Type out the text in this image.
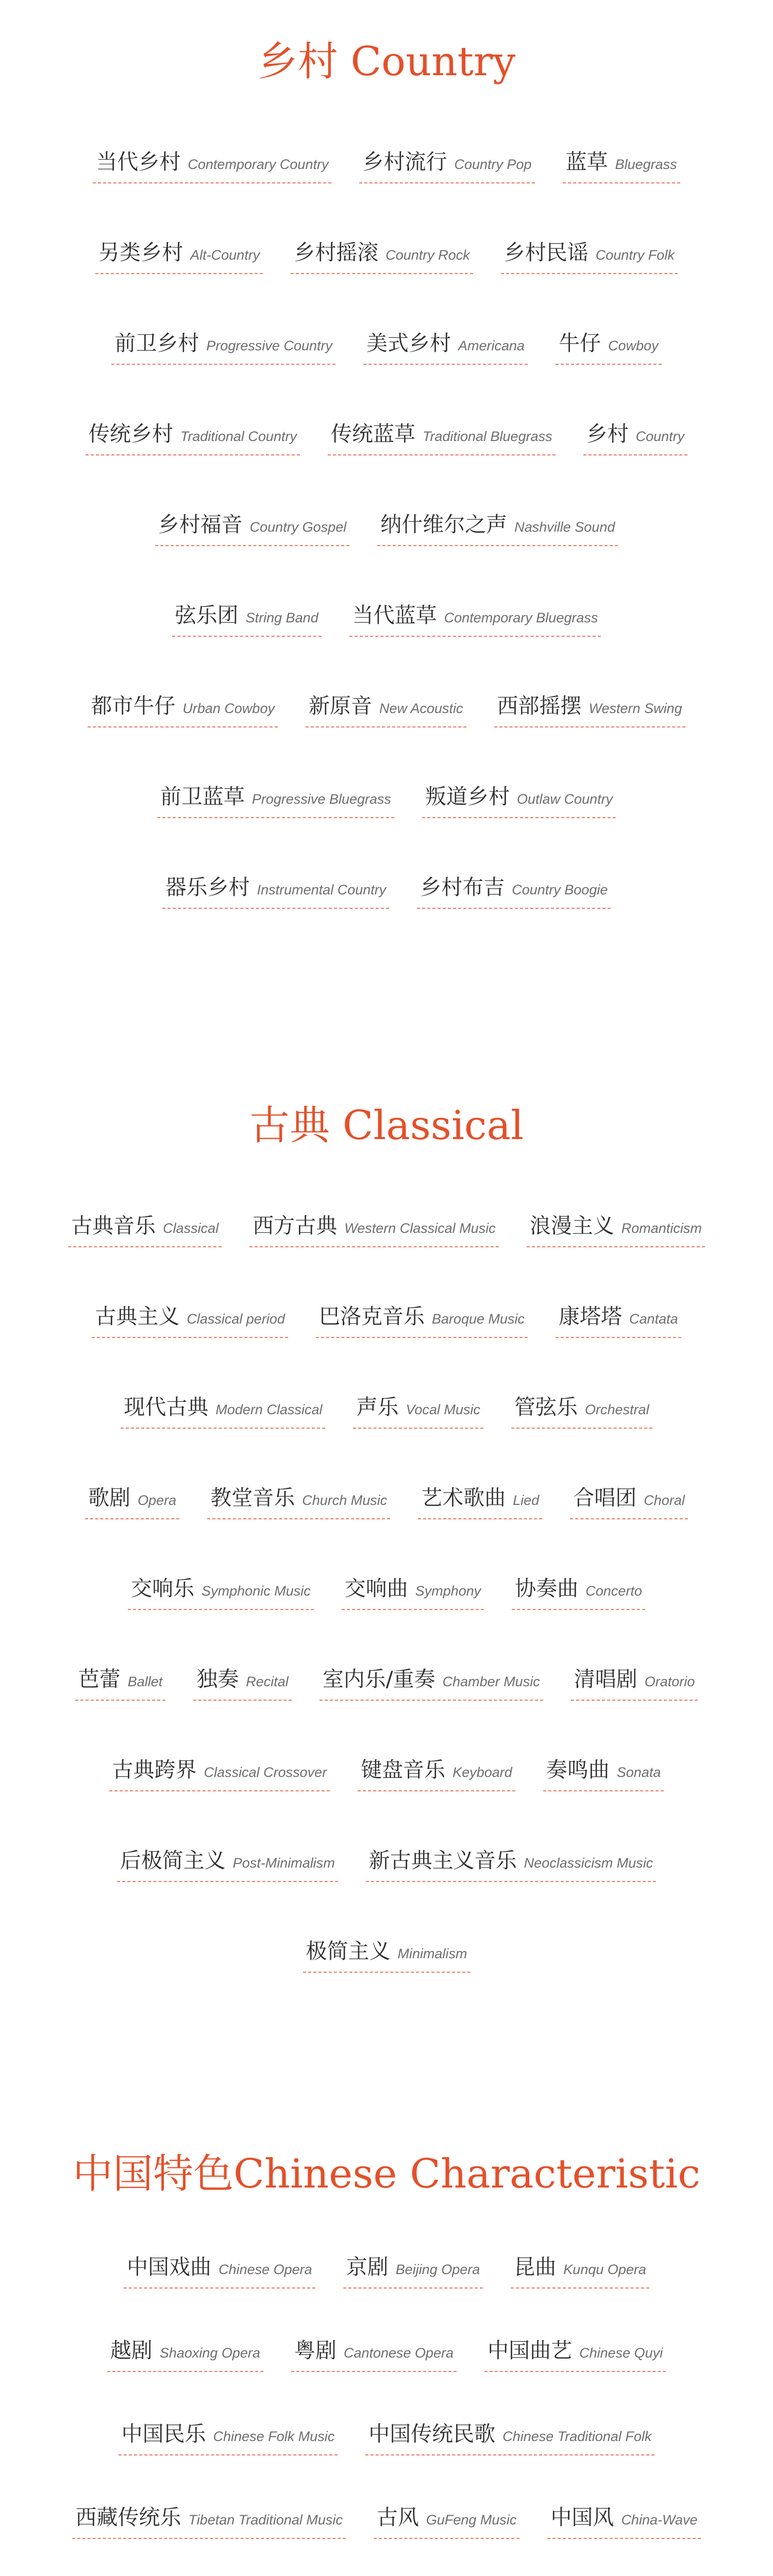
乡村 Country
当代乡村 Contemporary Country 乡村流行 Country Pop 蓝草 Bluegrass
另类乡村 Alt-Country 乡村摇滚 Country Rock 乡村民谣 Country Folk
前卫乡村 Progressive Country 美式乡村 Americana 牛仔 Cowboy
传统乡村 Traditional Country 传统蓝草 Traditional Bluegrass 乡村 Country
乡村福音 Country Gospel 纳什维尔之声 Nashville Sound
弦乐团 String Band 当代蓝草 Contemporary Bluegrass
都市牛仔 Urban Cowboy 新原音 New Acoustic 西部摇摆 Western Swing
前卫蓝草 Progressive Bluegrass 叛道乡村 Outlaw Country
器乐乡村 Instrumental Country 乡村布吉 Country Boogie
古典 Classical
古典音乐 Classical 西方古典 Western Classical Music 浪漫主义 Romanticism
古典主义 Classical period 巴洛克音乐 Baroque Music 康塔塔 Cantata
现代古典 Modern Classical 声乐 Vocal Music 管弦乐 Orchestral
歌剧 Opera 教堂音乐 Church Music 艺术歌曲 Lied 合唱团 Choral
交响乐 Symphonic Music 交响曲 Symphony 协奏曲 Concerto
芭蕾 Ballet 独奏 Recital 室内乐/重奏 Chamber Music 清唱剧 Oratorio
古典跨界 Classical Crossover 键盘音乐 Keyboard 奏鸣曲 Sonata
后极简主义 Post-Minimalism 新古典主义音乐 Neoclassicism Music
极简主义 Minimalism
中国特色Chinese Characteristic
中国戏曲 Chinese Opera 京剧 Beijing Opera 昆曲 Kunqu Opera
越剧 Shaoxing Opera 粤剧 Cantonese Opera 中国曲艺 Chinese Quyi
中国民乐 Chinese Folk Music 中国传统民歌 Chinese Traditional Folk
西藏传统乐 Tibetan Traditional Music 古风 GuFeng Music 中国风 China-Wave
